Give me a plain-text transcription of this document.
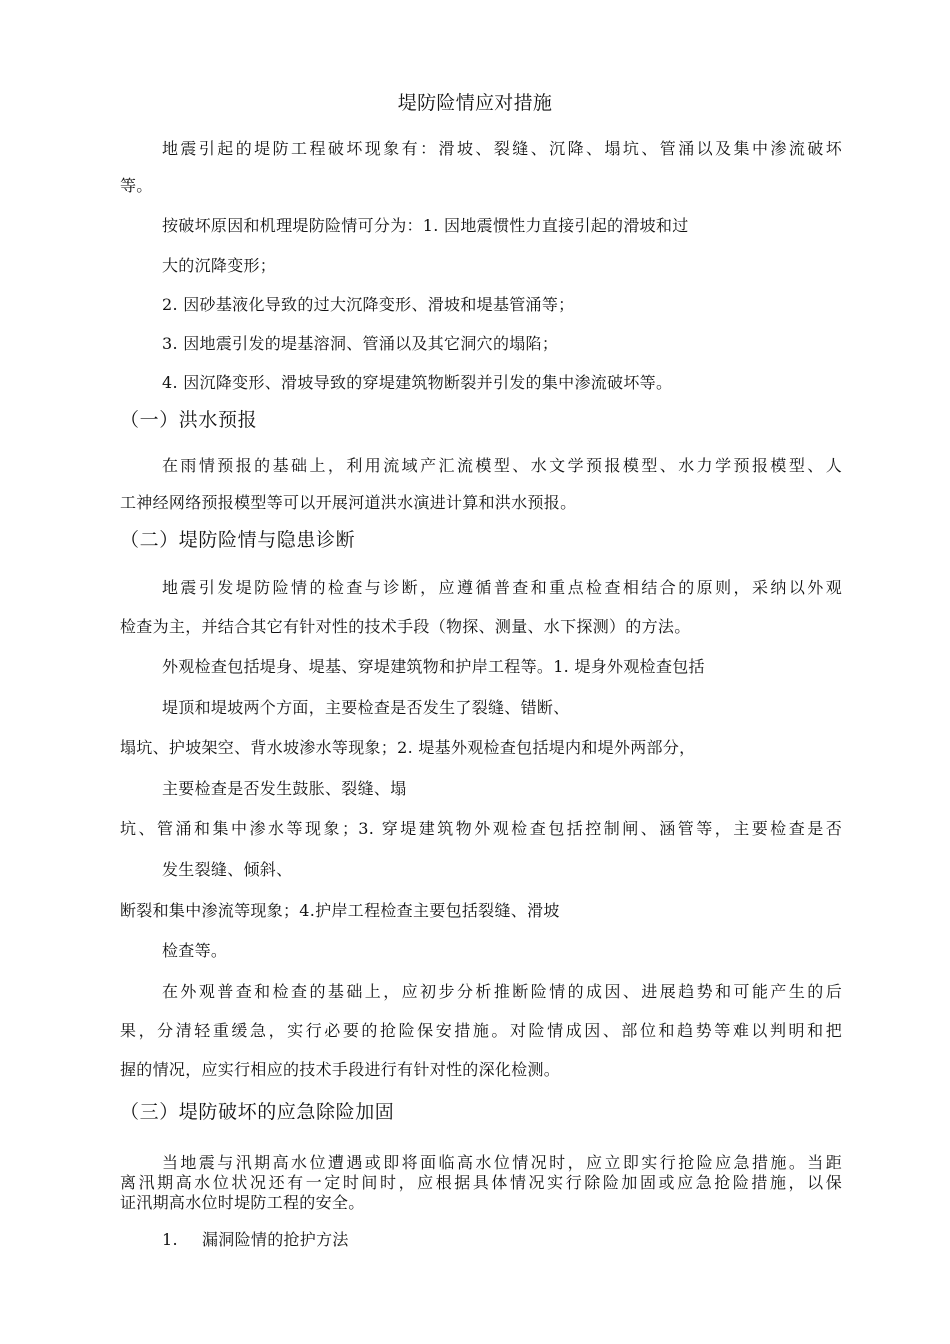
堤防险情应对措施
地震引起的堤防工程破坏现象有：滑坡、裂缝、沉降、塌坑、管涌以及集中渗流破坏
等。
按破坏原因和机理堤防险情可分为：1. 因地震惯性力直接引起的滑坡和过
大的沉降变形；
2. 因砂基液化导致的过大沉降变形、滑坡和堤基管涌等；
3. 因地震引发的堤基溶洞、管涌以及其它洞穴的塌陷；
4. 因沉降变形、滑坡导致的穿堤建筑物断裂并引发的集中渗流破坏等。
（一）洪水预报
在雨情预报的基础上，利用流域产汇流模型、水文学预报模型、水力学预报模型、人
工神经网络预报模型等可以开展河道洪水演进计算和洪水预报。
（二）堤防险情与隐患诊断
地震引发堤防险情的检查与诊断，应遵循普查和重点检查相结合的原则，采纳以外观
检查为主，并结合其它有针对性的技术手段（物探、测量、水下探测）的方法。
外观检查包括堤身、堤基、穿堤建筑物和护岸工程等。1. 堤身外观检查包括
堤顶和堤坡两个方面，主要检查是否发生了裂缝、错断、
塌坑、护坡架空、背水坡渗水等现象；2. 堤基外观检查包括堤内和堤外两部分，
主要检查是否发生鼓胀、裂缝、塌
坑、管涌和集中渗水等现象；3. 穿堤建筑物外观检查包括控制闸、涵管等，主要检查是否
发生裂缝、倾斜、
断裂和集中渗流等现象；4.护岸工程检查主要包括裂缝、滑坡
检查等。
在外观普查和检查的基础上，应初步分析推断险情的成因、进展趋势和可能产生的后
果，分清轻重缓急，实行必要的抢险保安措施。对险情成因、部位和趋势等难以判明和把
握的情况，应实行相应的技术手段进行有针对性的深化检测。
（三）堤防破坏的应急除险加固
当地震与汛期高水位遭遇或即将面临高水位情况时，应立即实行抢险应急措施。当距
离汛期高水位状况还有一定时间时，应根据具体情况实行除险加固或应急抢险措施，以保
证汛期高水位时堤防工程的安全。
1. 漏洞险情的抢护方法
